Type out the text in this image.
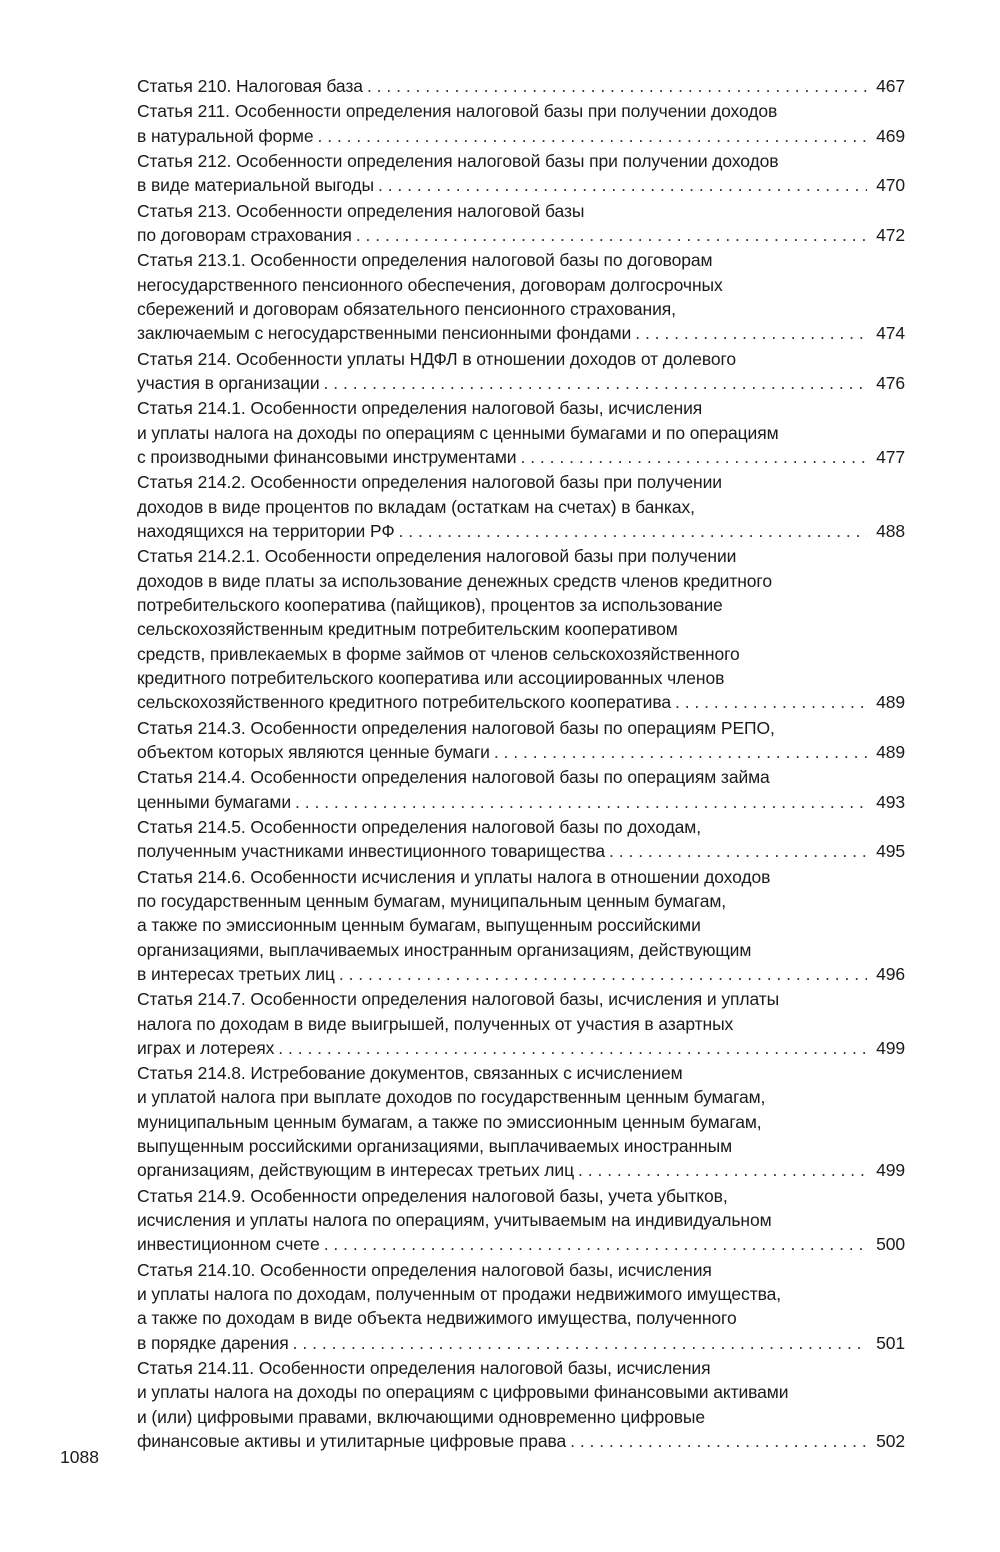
Статья 210. Налоговая база . . .	467
Статья 211. Особенности определения налоговой базы при получении доходов
в натуральной форме . . .	469
Статья 212. Особенности определения налоговой базы при получении доходов
в виде материальной выгоды . . .	470
Статья 213. Особенности определения налоговой базы
по договорам страхования . . .	472
Статья 213.1. Особенности определения налоговой базы по договорам
негосударственного пенсионного обеспечения, договорам долгосрочных
сбережений и договорам обязательного пенсионного страхования,
заключаемым с негосударственными пенсионными фондами . . .	474
Статья 214. Особенности уплаты НДФЛ в отношении доходов от долевого
участия в организации . . .	476
Статья 214.1. Особенности определения налоговой базы, исчисления
и уплаты налога на доходы по операциям с ценными бумагами и по операциям
с производными финансовыми инструментами . . .	477
Статья 214.2. Особенности определения налоговой базы при получении
доходов в виде процентов по вкладам (остаткам на счетах) в банках,
находящихся на территории РФ . . .	488
Статья 214.2.1. Особенности определения налоговой базы при получении
доходов в виде платы за использование денежных средств членов кредитного
потребительского кооператива (пайщиков), процентов за использование
сельскохозяйственным кредитным потребительским кооперативом
средств, привлекаемых в форме займов от членов сельскохозяйственного
кредитного потребительского кооператива или ассоциированных членов
сельскохозяйственного кредитного потребительского кооператива . . .	489
Статья 214.3. Особенности определения налоговой базы по операциям РЕПО,
объектом которых являются ценные бумаги . . .	489
Статья 214.4. Особенности определения налоговой базы по операциям займа
ценными бумагами . . .	493
Статья 214.5. Особенности определения налоговой базы по доходам,
полученным участниками инвестиционного товарищества . . .	495
Статья 214.6. Особенности исчисления и уплаты налога в отношении доходов
по государственным ценным бумагам, муниципальным ценным бумагам,
а также по эмиссионным ценным бумагам, выпущенным российскими
организациями, выплачиваемых иностранным организациям, действующим
в интересах третьих лиц . . .	496
Статья 214.7. Особенности определения налоговой базы, исчисления и уплаты
налога по доходам в виде выигрышей, полученных от участия в азартных
играх и лотереях . . .	499
Статья 214.8. Истребование документов, связанных с исчислением
и уплатой налога при выплате доходов по государственным ценным бумагам,
муниципальным ценным бумагам, а также по эмиссионным ценным бумагам,
выпущенным российскими организациями, выплачиваемых иностранным
организациям, действующим в интересах третьих лиц . . .	499
Статья 214.9. Особенности определения налоговой базы, учета убытков,
исчисления и уплаты налога по операциям, учитываемым на индивидуальном
инвестиционном счете . . .	500
Статья 214.10. Особенности определения налоговой базы, исчисления
и уплаты налога по доходам, полученным от продажи недвижимого имущества,
а также по доходам в виде объекта недвижимого имущества, полученного
в порядке дарения . . .	501
Статья 214.11. Особенности определения налоговой базы, исчисления
и уплаты налога на доходы по операциям с цифровыми финансовыми активами
и (или) цифровыми правами, включающими одновременно цифровые
финансовые активы и утилитарные цифровые права . . .	502
1088
